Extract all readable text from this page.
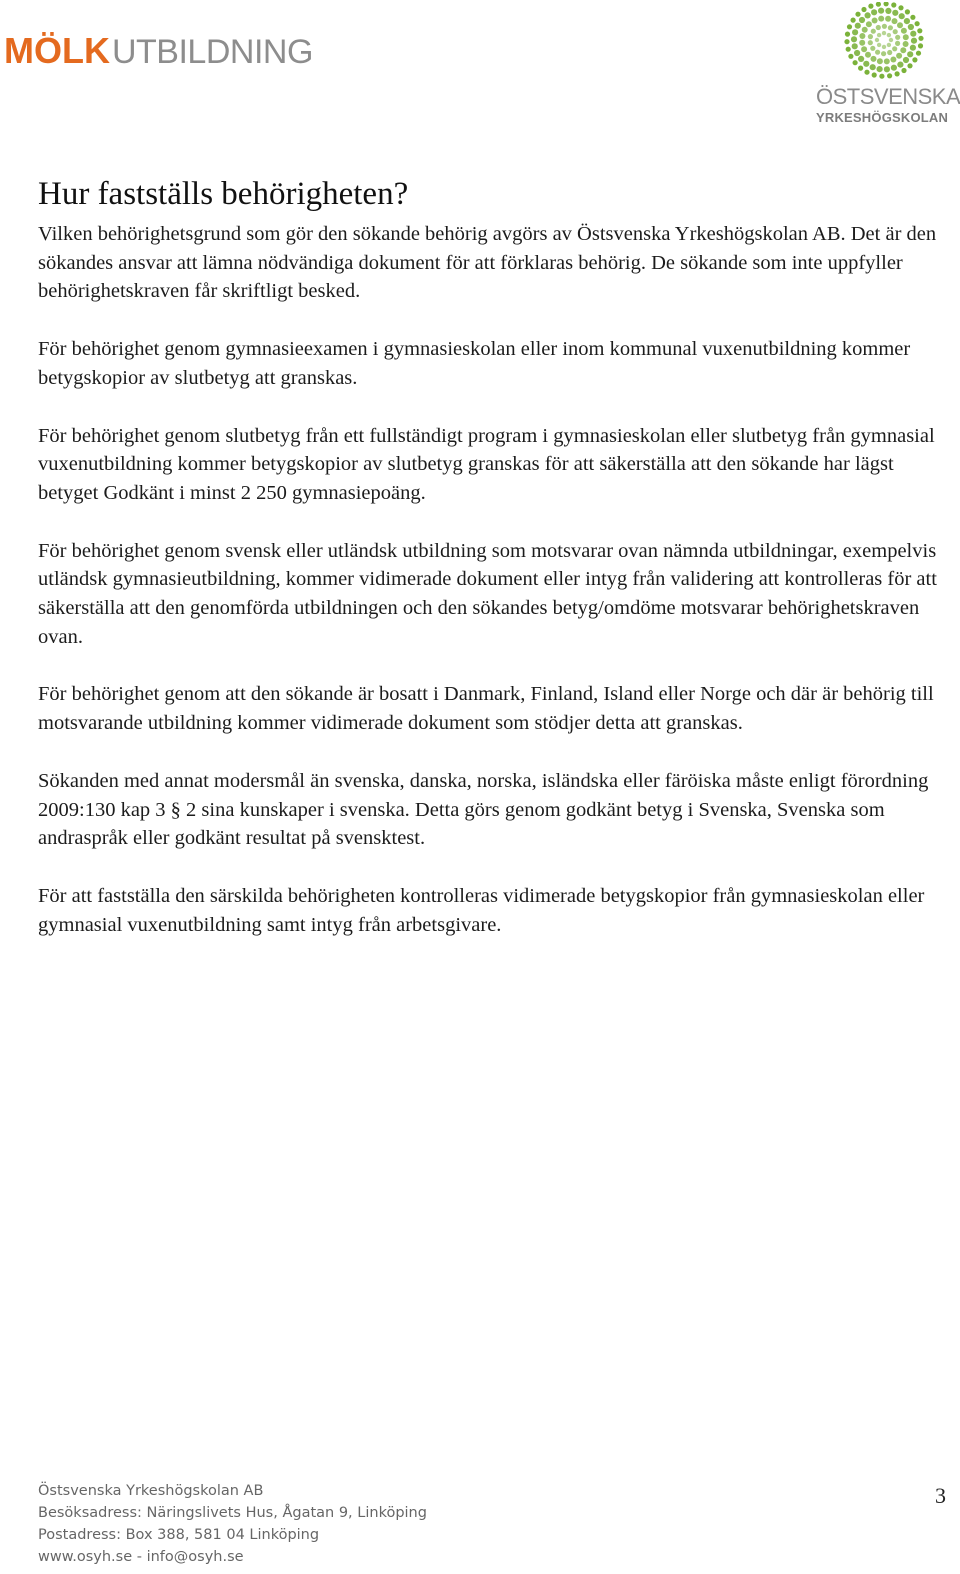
MÖLK UTBILDNING
ÖSTSVENSKA
YRKESHÖGSKOLAN
Hur fastställs behörigheten?

Vilken behörighetsgrund som gör den sökande behörig avgörs av Östsvenska Yrkeshögskolan AB. Det är den sökandes ansvar att lämna nödvändiga dokument för att förklaras behörig. De sökande som inte uppfyller behörighetskraven får skriftligt besked.

För behörighet genom gymnasieexamen i gymnasieskolan eller inom kommunal vuxenutbildning kommer betygskopior av slutbetyg att granskas.

För behörighet genom slutbetyg från ett fullständigt program i gymnasieskolan eller slutbetyg från gymnasial vuxenutbildning kommer betygskopior av slutbetyg granskas för att säkerställa att den sökande har lägst betyget Godkänt i minst 2 250 gymnasiepoäng.

För behörighet genom svensk eller utländsk utbildning som motsvarar ovan nämnda utbildningar, exempelvis utländsk gymnasieutbildning, kommer vidimerade dokument eller intyg från validering att kontrolleras för att säkerställa att den genomförda utbildningen och den sökandes betyg/omdöme motsvarar behörighetskraven ovan.

För behörighet genom att den sökande är bosatt i Danmark, Finland, Island eller Norge och där är behörig till motsvarande utbildning kommer vidimerade dokument som stödjer detta att granskas.

Sökanden med annat modersmål än svenska, danska, norska, isländska eller färöiska måste enligt förordning 2009:130 kap 3 § 2 sina kunskaper i svenska. Detta görs genom godkänt betyg i Svenska, Svenska som andraspråk eller godkänt resultat på svensktest.

För att fastställa den särskilda behörigheten kontrolleras vidimerade betygskopior från gymnasieskolan eller gymnasial vuxenutbildning samt intyg från arbetsgivare.

Östsvenska Yrkeshögskolan AB
Besöksadress: Näringslivets Hus, Ågatan 9, Linköping
Postadress: Box 388, 581 04 Linköping
www.osyh.se - info@osyh.se
3
